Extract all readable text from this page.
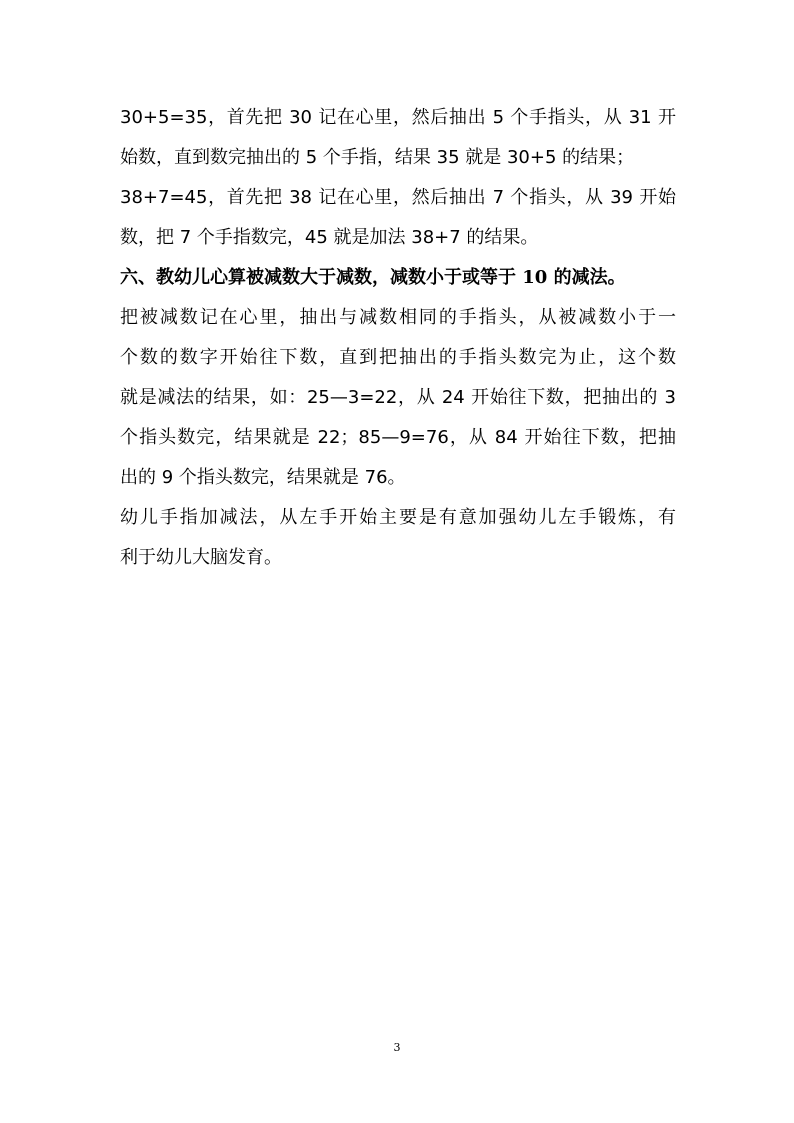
30+5=35，首先把 30 记在心里，然后抽出 5 个手指头，从 31 开
始数，直到数完抽出的 5 个手指，结果 35 就是 30+5 的结果；
38+7=45，首先把 38 记在心里，然后抽出 7 个指头，从 39 开始
数，把 7 个手指数完，45 就是加法 38+7 的结果。
六、教幼儿心算被减数大于减数，减数小于或等于 10 的减法。
把被减数记在心里，抽出与减数相同的手指头，从被减数小于一
个数的数字开始往下数，直到把抽出的手指头数完为止，这个数
就是减法的结果，如：25—3=22，从 24 开始往下数，把抽出的 3
个指头数完，结果就是 22；85—9=76，从 84 开始往下数，把抽
出的 9 个指头数完，结果就是 76。
幼儿手指加减法，从左手开始主要是有意加强幼儿左手锻炼，有
利于幼儿大脑发育。
3
